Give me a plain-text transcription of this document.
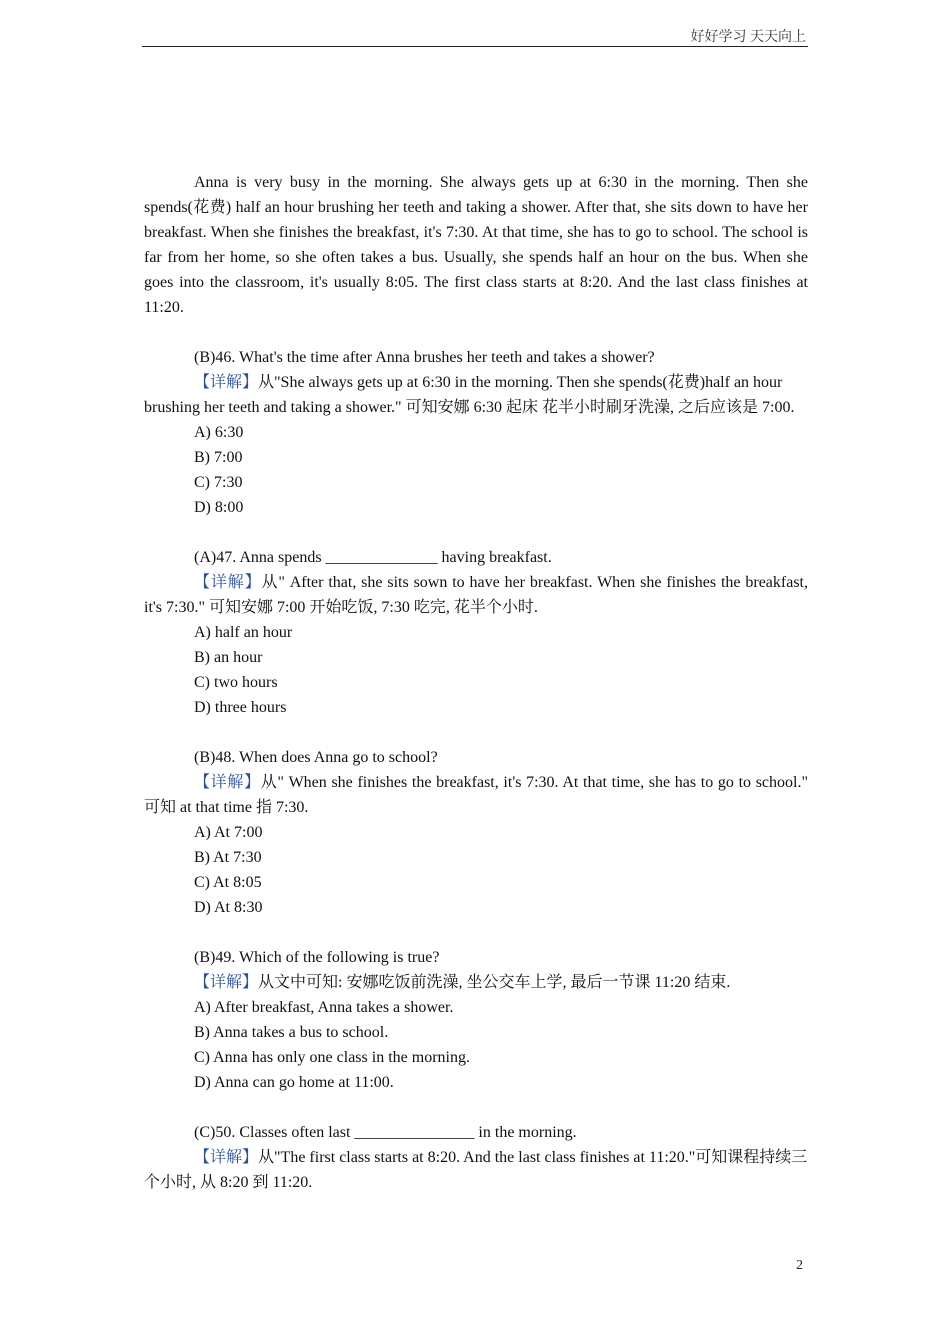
好好学习 天天向上

Anna is very busy in the morning. She always gets up at 6:30 in the morning. Then she spends(花费) half an hour brushing her teeth and taking a shower. After that, she sits down to have her breakfast. When she finishes the breakfast, it's 7:30. At that time, she has to go to school. The school is far from her home, so she often takes a bus. Usually, she spends half an hour on the bus. When she goes into the classroom, it's usually 8:05. The first class starts at 8:20. And the last class finishes at 11:20.

(B)46. What's the time after Anna brushes her teeth and takes a shower?

【详解】从"She always gets up at 6:30 in the morning. Then she spends(花费)half an hour brushing her teeth and taking a shower." 可知安娜 6:30 起床 花半小时刷牙洗澡, 之后应该是 7:00.

A) 6:30

B) 7:00

C) 7:30

D) 8:00

(A)47. Anna spends ______________ having breakfast.

【详解】从" After that, she sits sown to have her breakfast. When she finishes the breakfast, it's 7:30." 可知安娜 7:00 开始吃饭, 7:30 吃完, 花半个小时.

A) half an hour

B) an hour

C) two hours

D) three hours

(B)48. When does Anna go to school?

【详解】从" When she finishes the breakfast, it's 7:30. At that time, she has to go to school." 可知 at that time 指 7:30.

A) At 7:00

B) At 7:30

C) At 8:05

D) At 8:30

(B)49. Which of the following is true?

【详解】从文中可知: 安娜吃饭前洗澡, 坐公交车上学, 最后一节课 11:20 结束.

A) After breakfast, Anna takes a shower.

B) Anna takes a bus to school.

C) Anna has only one class in the morning.

D) Anna can go home at 11:00.

(C)50. Classes often last _______________ in the morning.

【详解】从"The first class starts at 8:20. And the last class finishes at 11:20."可知课程持续三个小时, 从 8:20 到 11:20.

2
